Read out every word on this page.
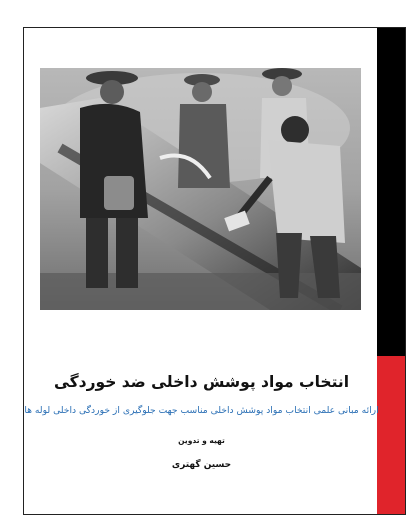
انتخاب مواد پوشش داخلی ضد خوردگی
ارائه مبانی علمی انتخاب مواد پوشش داخلی مناسب جهت جلوگیری از خوردگی داخلی لوله ها
تهیه و تدوین
حسین گهتری
